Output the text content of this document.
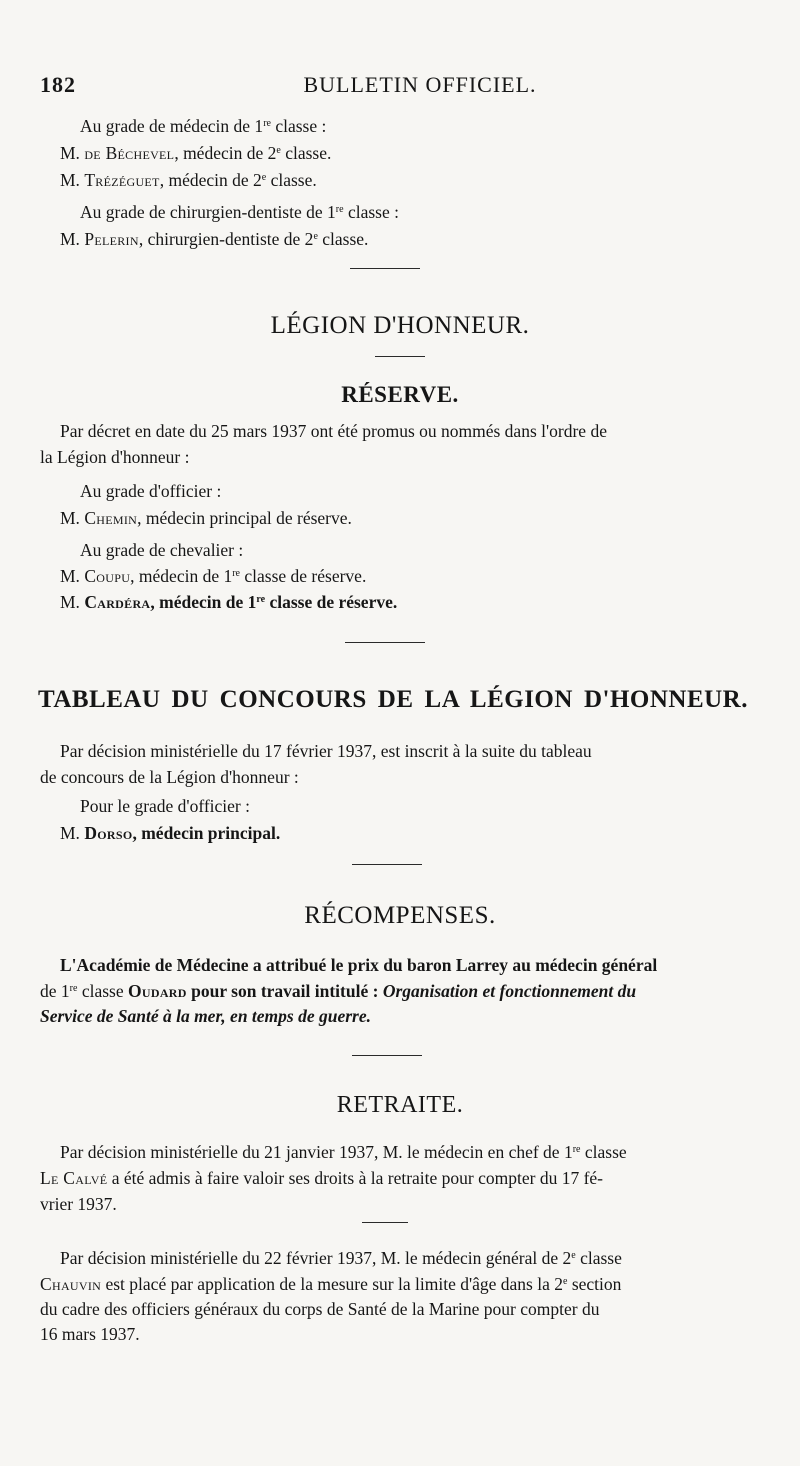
182	BULLETIN OFFICIEL.
Au grade de médecin de 1re classe :
M. de Béchevel, médecin de 2e classe.
M. Trézéguet, médecin de 2e classe.
Au grade de chirurgien-dentiste de 1re classe :
M. Pelerin, chirurgien-dentiste de 2e classe.
LÉGION D'HONNEUR.
RÉSERVE.
Par décret en date du 25 mars 1937 ont été promus ou nommés dans l'ordre de
la Légion d'honneur :
Au grade d'officier :
M. Chemin, médecin principal de réserve.
Au grade de chevalier :
M. Coupu, médecin de 1re classe de réserve.
M. Cardéra, médecin de 1re classe de réserve.
TABLEAU DU CONCOURS DE LA LÉGION D'HONNEUR.
Par décision ministérielle du 17 février 1937, est inscrit à la suite du tableau
de concours de la Légion d'honneur :
Pour le grade d'officier :
M. Dorso, médecin principal.
RÉCOMPENSES.
L'Académie de Médecine a attribué le prix du baron Larrey au médecin général
de 1re classe Oudard pour son travail intitulé : Organisation et fonctionnement du
Service de Santé à la mer, en temps de guerre.
RETRAITE.
Par décision ministérielle du 21 janvier 1937, M. le médecin en chef de 1re classe
Le Calvé a été admis à faire valoir ses droits à la retraite pour compter du 17 fé-
vrier 1937.
Par décision ministérielle du 22 février 1937, M. le médecin général de 2e classe
Chauvin est placé par application de la mesure sur la limite d'âge dans la 2e section
du cadre des officiers généraux du corps de Santé de la Marine pour compter du
16 mars 1937.
